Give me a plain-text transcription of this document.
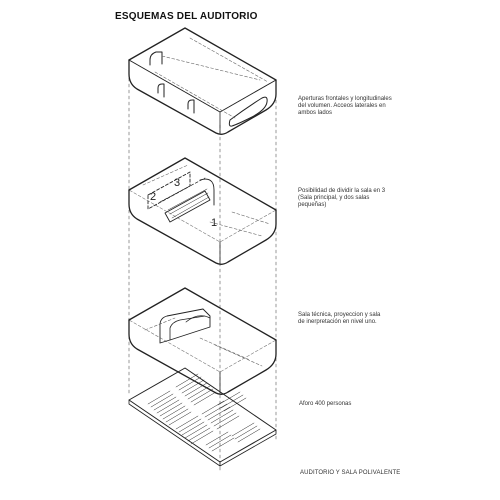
ESQUEMAS DEL AUDITORIO
1
2
3
Aperturas frontales y longitudinales
del volumen. Acceos laterales en
ambos lados
Posibilidad de dividir la sala en 3
(Sala principal, y dos salas
pequeñas)
Sala técnica, proyeccion y sala
de inerpretación en nivel uno.
Aforo 400 personas
AUDITORIO Y SALA POLIVALENTE
